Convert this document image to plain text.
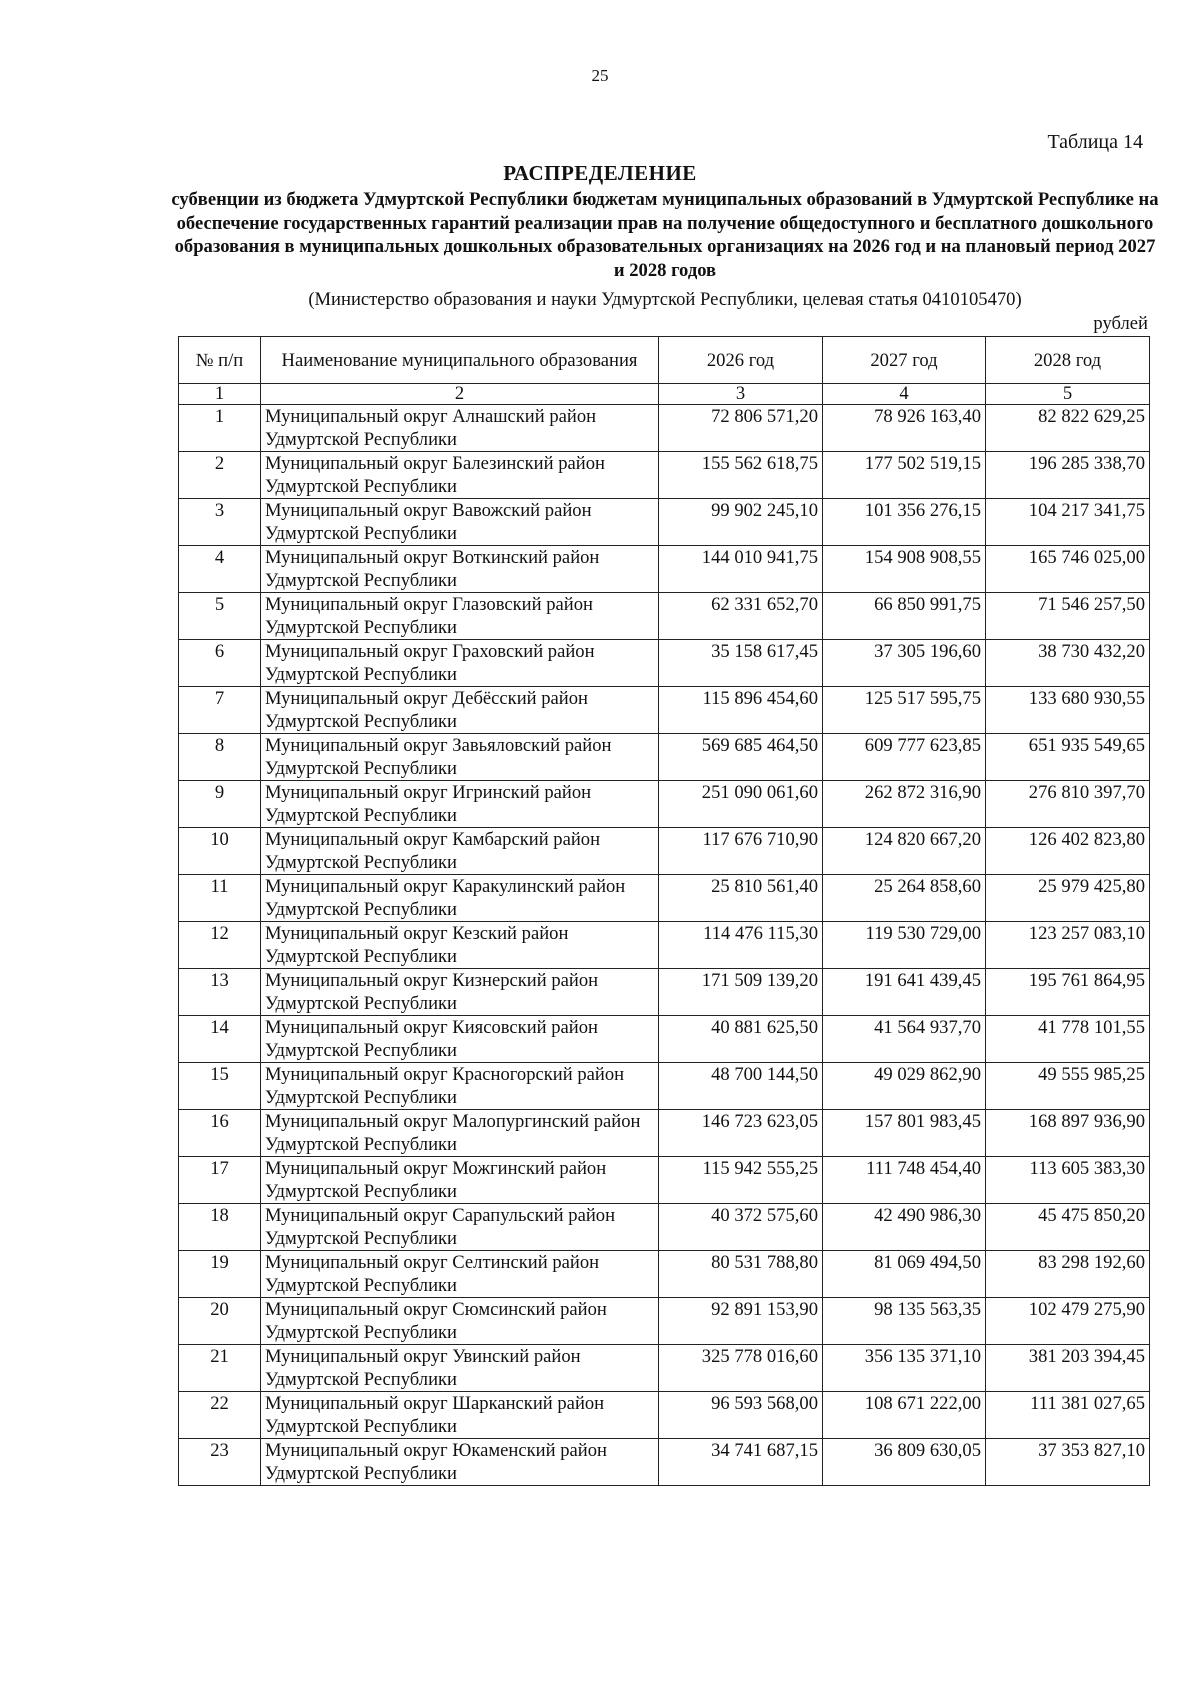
25
Таблица 14
РАСПРЕДЕЛЕНИЕ
субвенции из бюджета Удмуртской Республики бюджетам муниципальных образований в Удмуртской Республике на обеспечение государственных гарантий реализации прав на получение общедоступного и бесплатного дошкольного образования в муниципальных дошкольных образовательных организациях на 2026 год и на плановый период 2027 и 2028 годов
(Министерство образования и науки Удмуртской Республики, целевая статья 0410105470)
рублей
№ п/п	Наименование муниципального образования	2026 год	2027 год	2028 год
1	2	3	4	5
1	Муниципальный округ Алнашский район Удмуртской Республики	72 806 571,20	78 926 163,40	82 822 629,25
2	Муниципальный округ Балезинский район Удмуртской Республики	155 562 618,75	177 502 519,15	196 285 338,70
3	Муниципальный округ Вавожский район Удмуртской Республики	99 902 245,10	101 356 276,15	104 217 341,75
4	Муниципальный округ Воткинский район Удмуртской Республики	144 010 941,75	154 908 908,55	165 746 025,00
5	Муниципальный округ Глазовский район Удмуртской Республики	62 331 652,70	66 850 991,75	71 546 257,50
6	Муниципальный округ Граховский район Удмуртской Республики	35 158 617,45	37 305 196,60	38 730 432,20
7	Муниципальный округ Дебёсский район Удмуртской Республики	115 896 454,60	125 517 595,75	133 680 930,55
8	Муниципальный округ Завьяловский район Удмуртской Республики	569 685 464,50	609 777 623,85	651 935 549,65
9	Муниципальный округ Игринский район Удмуртской Республики	251 090 061,60	262 872 316,90	276 810 397,70
10	Муниципальный округ Камбарский район Удмуртской Республики	117 676 710,90	124 820 667,20	126 402 823,80
11	Муниципальный округ Каракулинский район Удмуртской Республики	25 810 561,40	25 264 858,60	25 979 425,80
12	Муниципальный округ Кезский район Удмуртской Республики	114 476 115,30	119 530 729,00	123 257 083,10
13	Муниципальный округ Кизнерский район Удмуртской Республики	171 509 139,20	191 641 439,45	195 761 864,95
14	Муниципальный округ Киясовский район Удмуртской Республики	40 881 625,50	41 564 937,70	41 778 101,55
15	Муниципальный округ Красногорский район Удмуртской Республики	48 700 144,50	49 029 862,90	49 555 985,25
16	Муниципальный округ Малопургинский район Удмуртской Республики	146 723 623,05	157 801 983,45	168 897 936,90
17	Муниципальный округ Можгинский район Удмуртской Республики	115 942 555,25	111 748 454,40	113 605 383,30
18	Муниципальный округ Сарапульский район Удмуртской Республики	40 372 575,60	42 490 986,30	45 475 850,20
19	Муниципальный округ Селтинский район Удмуртской Республики	80 531 788,80	81 069 494,50	83 298 192,60
20	Муниципальный округ Сюмсинский район Удмуртской Республики	92 891 153,90	98 135 563,35	102 479 275,90
21	Муниципальный округ Увинский район Удмуртской Республики	325 778 016,60	356 135 371,10	381 203 394,45
22	Муниципальный округ Шарканский район Удмуртской Республики	96 593 568,00	108 671 222,00	111 381 027,65
23	Муниципальный округ Юкаменский район Удмуртской Республики	34 741 687,15	36 809 630,05	37 353 827,10
